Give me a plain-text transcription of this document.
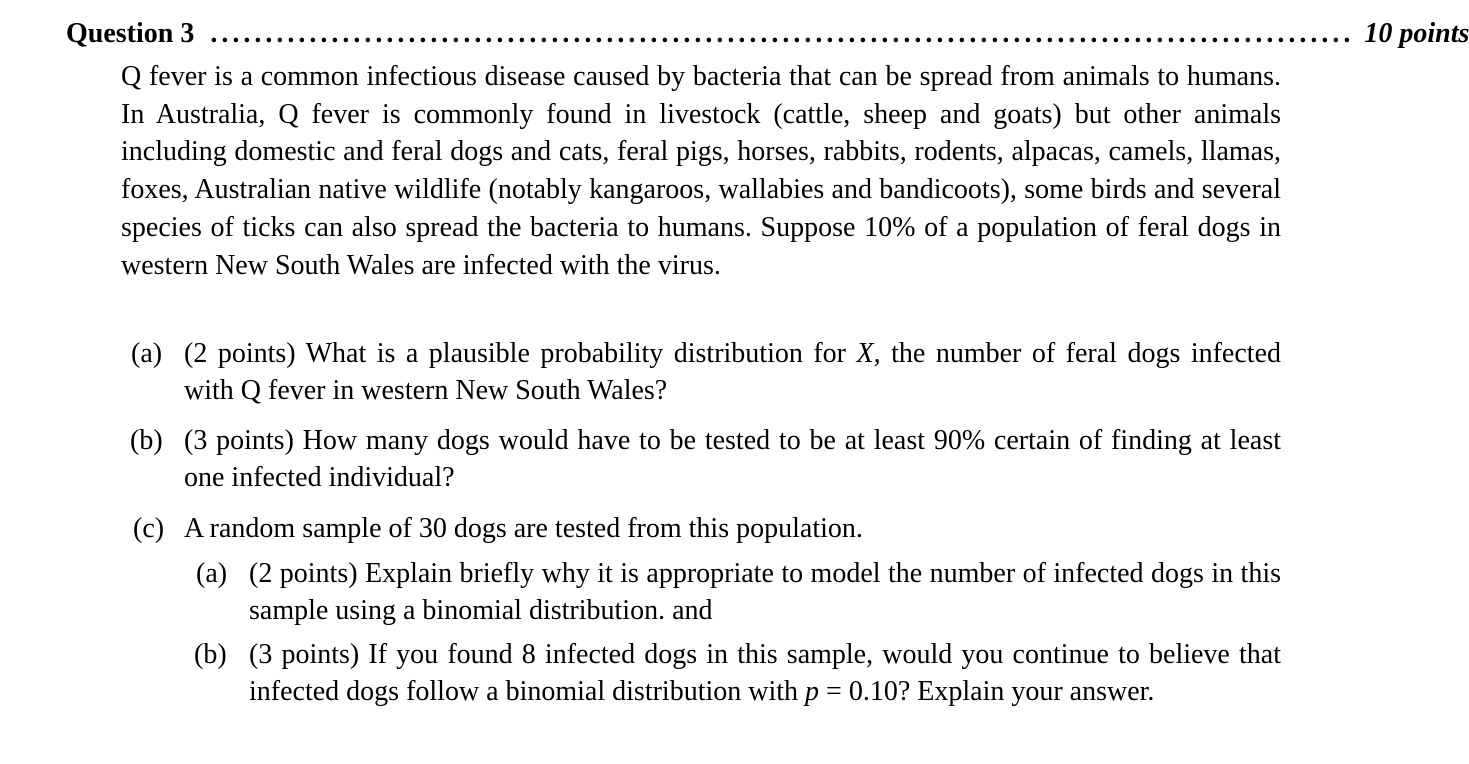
Question 3 ........................................................................................................ 10 points
Q fever is a common infectious disease caused by bacteria that can be spread from animals to humans. In Australia, Q fever is commonly found in livestock (cattle, sheep and goats) but other animals including domestic and feral dogs and cats, feral pigs, horses, rabbits, rodents, alpacas, camels, llamas, foxes, Australian native wildlife (notably kangaroos, wallabies and bandicoots), some birds and several species of ticks can also spread the bacteria to humans. Suppose 10% of a population of feral dogs in western New South Wales are infected with the virus.
(a) (2 points) What is a plausible probability distribution for X, the number of feral dogs infected with Q fever in western New South Wales?
(b) (3 points) How many dogs would have to be tested to be at least 90% certain of finding at least one infected individual?
(c) A random sample of 30 dogs are tested from this population.
(a) (2 points) Explain briefly why it is appropriate to model the number of infected dogs in this sample using a binomial distribution. and
(b) (3 points) If you found 8 infected dogs in this sample, would you continue to believe that infected dogs follow a binomial distribution with p = 0.10? Explain your answer.
